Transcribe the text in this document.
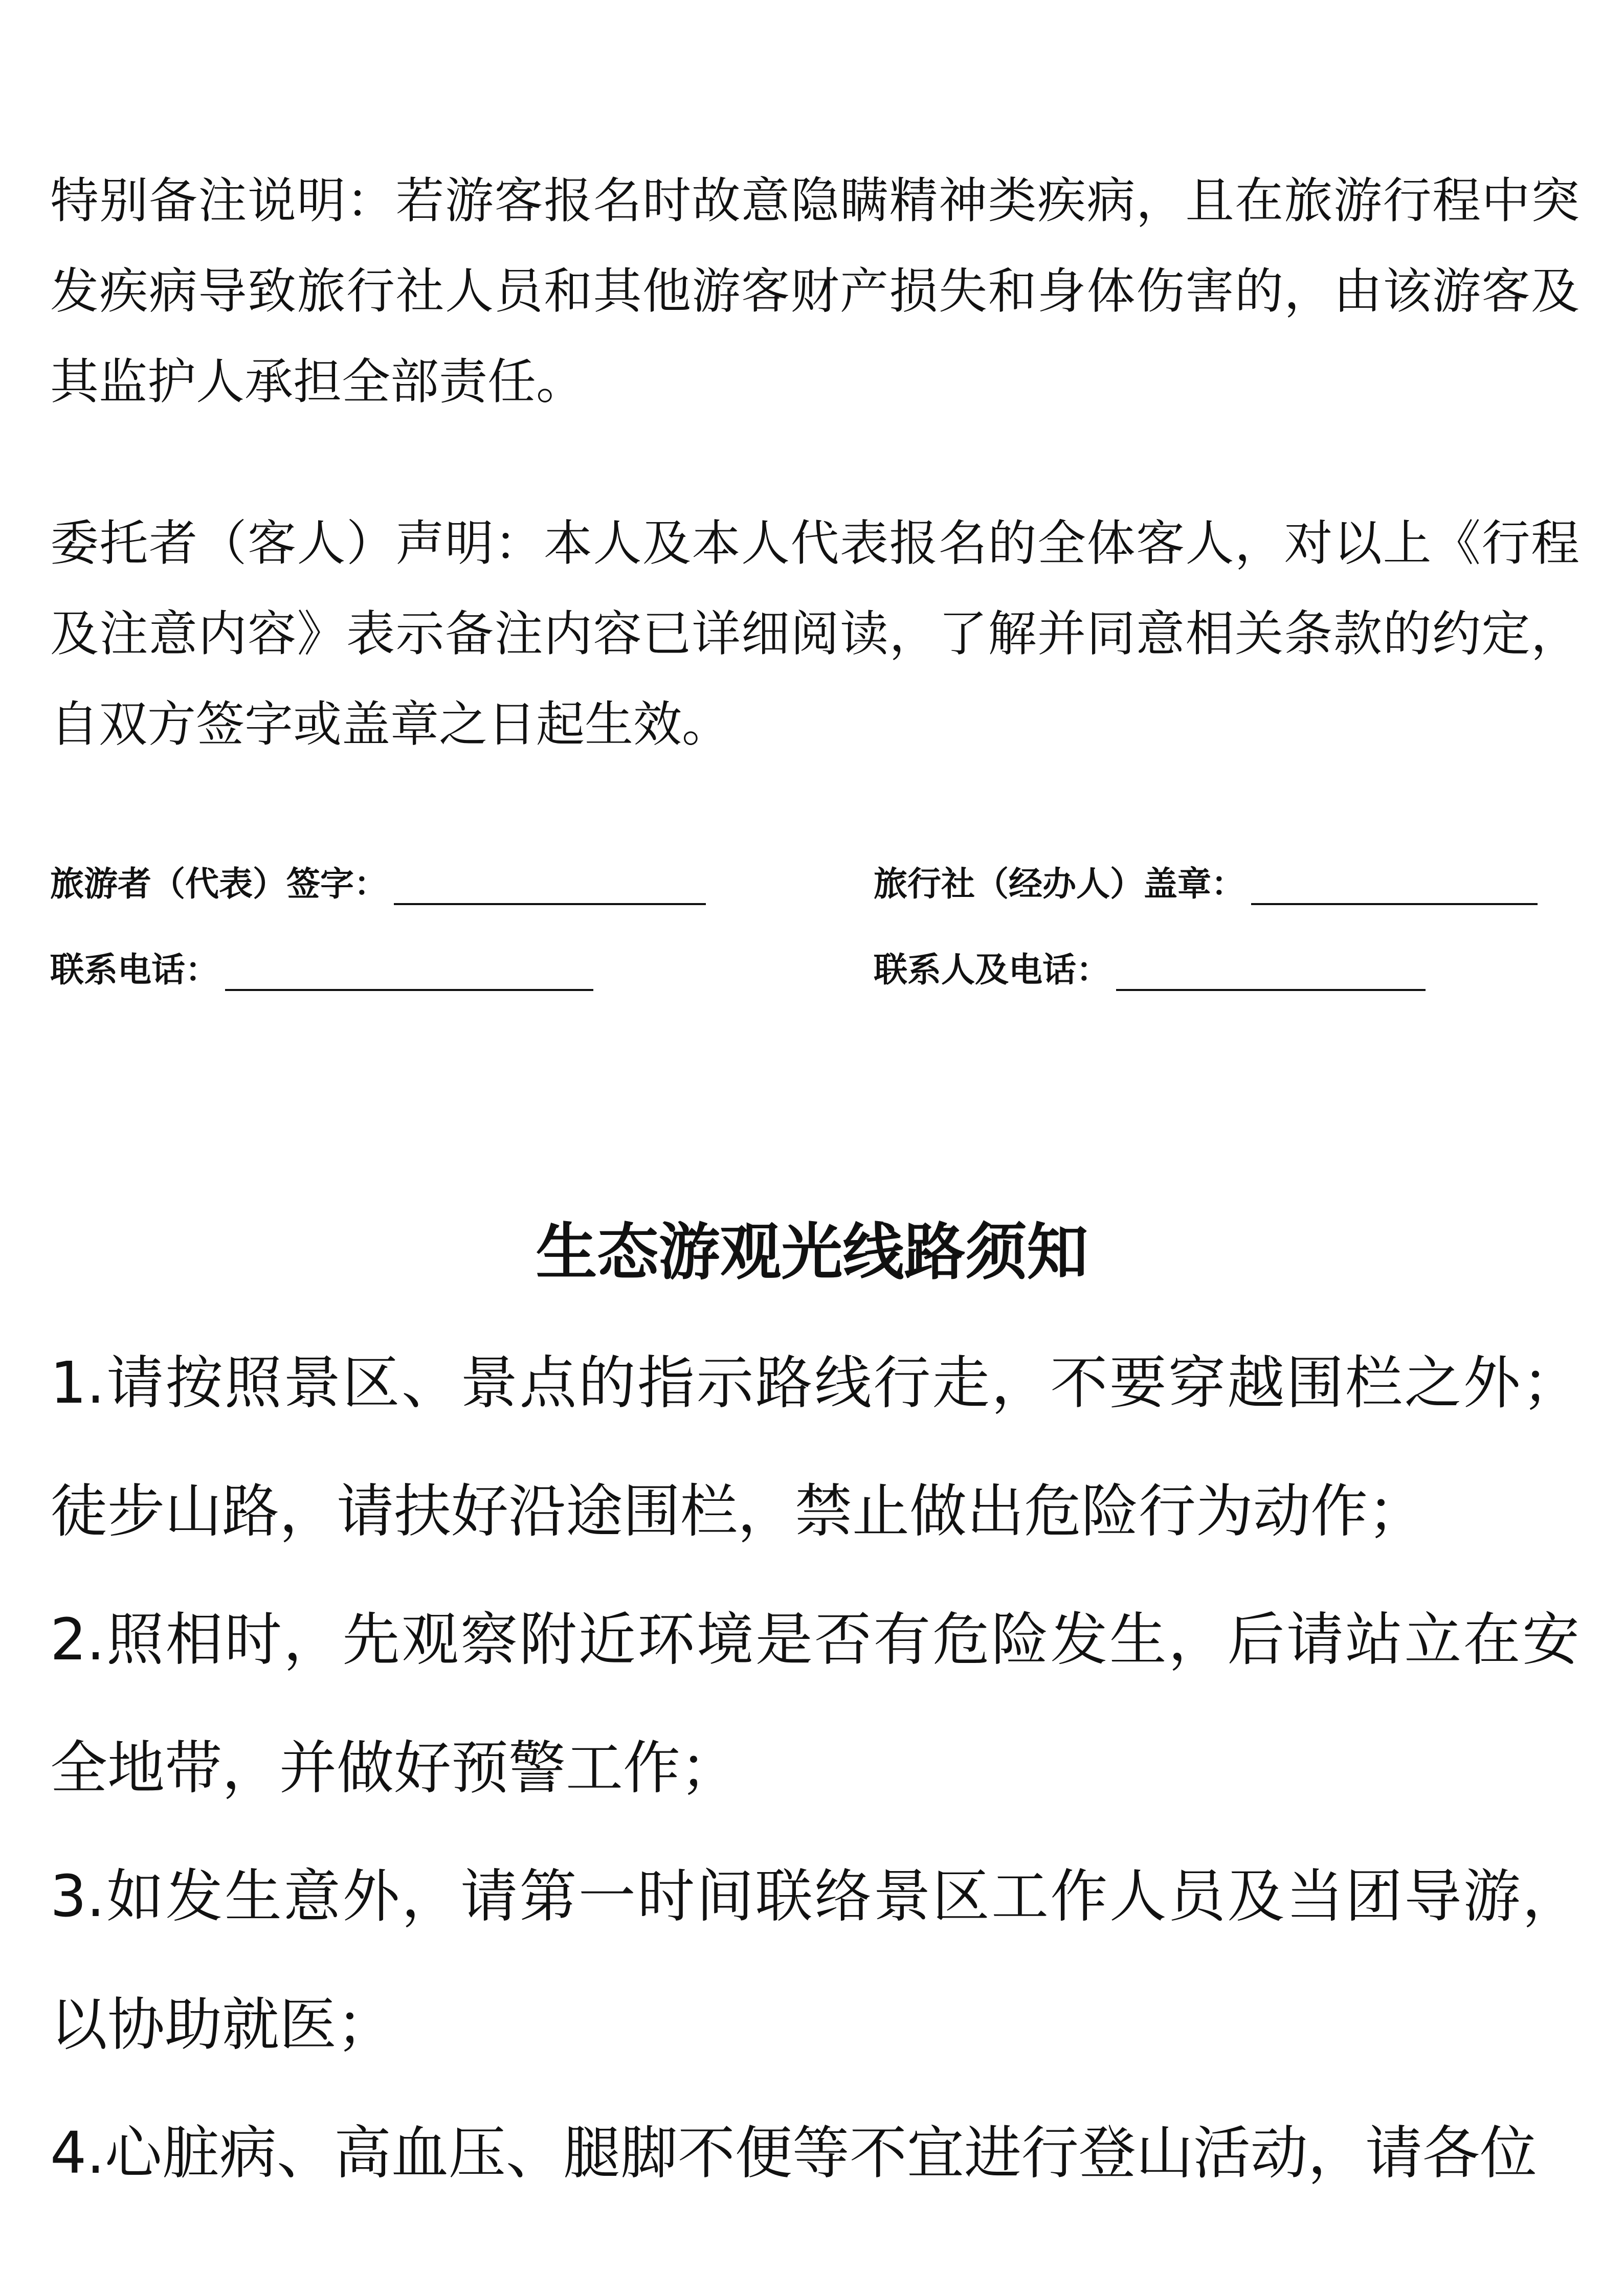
特别备注说明：若游客报名时故意隐瞒精神类疾病，且在旅游行程中突发疾病导致旅行社人员和其他游客财产损失和身体伤害的，由该游客及其监护人承担全部责任。

委托者（客人）声明：本人及本人代表报名的全体客人，对以上《行程及注意内容》表示备注内容已详细阅读，了解并同意相关条款的约定，自双方签字或盖章之日起生效。

旅游者（代表）签字：	旅行社（经办人）盖章：
联系电话：	联系人及电话：
生态游观光线路须知
1.请按照景区、景点的指示路线行走，不要穿越围栏之外；徒步山路，请扶好沿途围栏，禁止做出危险行为动作；
2.照相时，先观察附近环境是否有危险发生，后请站立在安全地带，并做好预警工作；
3.如发生意外，请第一时间联络景区工作人员及当团导游，以协助就医；
4.心脏病、高血压、腿脚不便等不宜进行登山活动，请各位
